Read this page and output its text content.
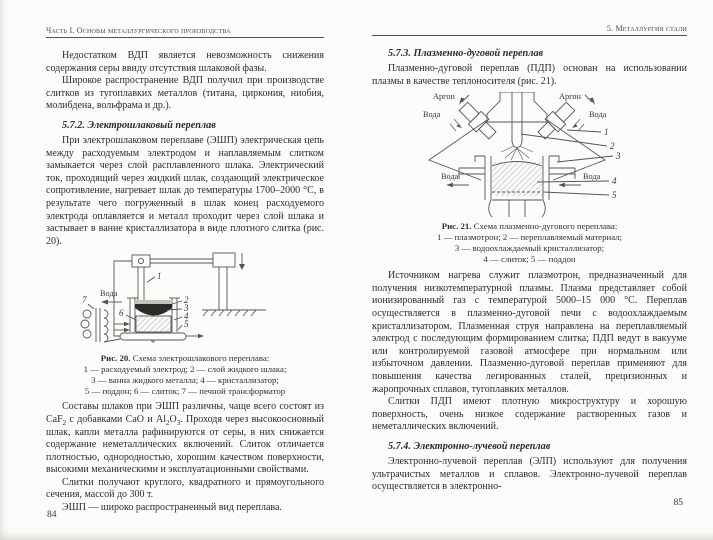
Часть I. Основы металлургического производства

Недостатком ВДП является невозможность снижения содержания серы ввиду отсутствия шлаковой фазы.

Широкое распространение ВДП получил при производстве слитков из тугоплавких металлов (титана, циркония, ниобия, молибдена, вольфрама и др.).

5.7.2. Электрошлаковый переплав

При электрошлаковом переплаве (ЭШП) электрическая цепь между расходуемым электродом и наплавляемым слитком замыкается через слой расплавленного шлака. Электрический ток, проходящий через жидкий шлак, создающий электрическое сопротивление, нагревает шлак до температуры 1700–2000 °С, в результате чего погруженный в шлак конец расходуемого электрода оплавляется и металл проходит через слой шлака и застывает в ванне кристаллизатора в виде плотного слитка (рис. 20).

Вода
1
2
3
4
5
6
7
Рис. 20. Схема электрошлакового переплава:
1 — расходуемый электрод; 2 — слой жидкого шлака;
3 — ванна жидкого металла; 4 — кристаллизатор;
5 — поддон; 6 — слиток; 7 — печной трансформатор

Составы шлаков при ЭШП различны, чаще всего состоят из CaF$_2$ с добавками CaO и $Al_2O_3$. Проходя через высокоосновный шлак, капли металла рафинируются от серы, в них снижается содержание неметаллических включений. Слиток отличается плотностью, однородностью, хорошим качеством поверхности, высокими механическими и эксплуатационными свойствами.

Слитки получают круглого, квадратного и прямоугольного сечения, массой до 300 т.

ЭШП — широко распространенный вид переплава.

84
5. Металлургия стали
5.7.3. Плазменно-дуговой переплав

Плазменно-дуговой переплав (ПДП) основан на использовании плазмы в качестве теплоносителя (рис. 21).

Аргон	Аргон
Вода	Вода
Вода	Вода
1
2
3
4
5
Рис. 21. Схема плазменно-дугового переплава:
1 — плазмотрон; 2 — переплавляемый материал;
3 — водоохлаждаемый кристаллизатор;
4 — слиток; 5 — поддон

Источником нагрева служит плазмотрон, предназначенный для получения низкотемпературной плазмы. Плазма представляет собой ионизированный газ с температурой 5000–15 000 °С. Переплав осуществляется в плазменно-дуговой печи с водоохлаждаемым кристаллизатором. Плазменная струя направлена на переплавляемый электрод с последующим формированием слитка; ПДП ведут в вакууме или контролируемой газовой атмосфере при нормальном или избыточном давлении. Плазменно-дуговой переплав применяют для повышения качества легированных сталей, прецизионных и жаропрочных сплавов, тугоплавких металлов.

Слитки ПДП имеют плотную микроструктуру и хорошую поверхность, очень низкое содержание растворенных газов и неметаллических включений.

5.7.4. Электронно-лучевой переплав

Электронно-лучевой переплав (ЭЛП) используют для получения ультрачистых металлов и сплавов. Электронно-лучевой переплав осуществляется в электронно-

85
